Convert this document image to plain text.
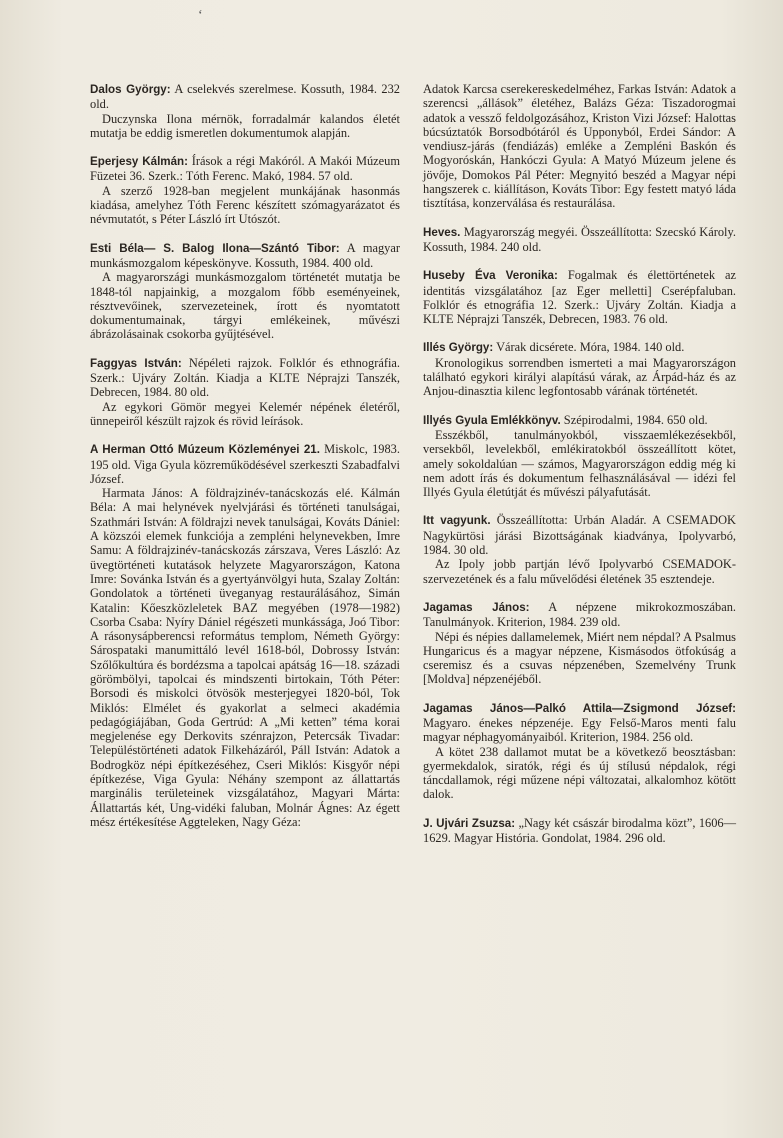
ʻ

Dalos György: A cselekvés szerelmese. Kossuth, 1984. 232 old.

Duczynska Ilona mérnök, forradalmár kalandos életét mutatja be eddig ismeretlen dokumentumok alapján.

Eperjesy Kálmán: Írások a régi Makóról. A Makói Múzeum Füzetei 36. Szerk.: Tóth Ferenc. Makó, 1984. 57 old.

A szerző 1928-ban megjelent munkájának hasonmás kiadása, amelyhez Tóth Ferenc készített szómagyarázatot és névmutatót, s Péter László írt Utószót.

Esti Béla— S. Balog Ilona—Szántó Tibor: A magyar munkásmozgalom képeskönyve. Kossuth, 1984. 400 old.

A magyarországi munkásmozgalom történetét mutatja be 1848-tól napjainkig, a mozgalom főbb eseményeinek, résztvevőinek, szervezeteinek, írott és nyomtatott dokumentumainak, tárgyi emlékeinek, művészi ábrázolásainak csokorba gyűjtésével.

Faggyas István: Népéleti rajzok. Folklór és ethnográfia. Szerk.: Ujváry Zoltán. Kiadja a KLTE Néprajzi Tanszék, Debrecen, 1984. 80 old.

Az egykori Gömör megyei Kelemér népének életéről, ünnepeiről készült rajzok és rövid leírások.

A Herman Ottó Múzeum Közleményei 21. Miskolc, 1983. 195 old. Viga Gyula közreműködésével szerkeszti Szabadfalvi József.

Harmata János: A földrajzinév-tanácskozás elé. Kálmán Béla: A mai helynévek nyelvjárási és történeti tanulságai, Szathmári István: A földrajzi nevek tanulságai, Kováts Dániel: A közszói elemek funkciója a zempléni helynevekben, Imre Samu: A földrajzinév-tanácskozás zárszava, Veres László: Az üvegtörténeti kutatások helyzete Magyarországon, Katona Imre: Sovánka István és a gyertyánvölgyi huta, Szalay Zoltán: Gondolatok a történeti üveganyag restaurálásához, Simán Katalin: Kőeszközleletek BAZ megyében (1978—1982) Csorba Csaba: Nyíry Dániel régészeti munkássága, Joó Tibor: A rásonysápberencsi református templom, Németh György: Sárospataki manumittáló levél 1618-ból, Dobrossy István: Szőlőkultúra és bordézsma a tapolcai apátság 16—18. századi görömbölyi, tapolcai és mindszenti birtokain, Tóth Péter: Borsodi és miskolci ötvösök mesterjegyei 1820-ból, Tok Miklós: Elmélet és gyakorlat a selmeci akadémia pedagógiájában, Goda Gertrúd: A „Mi ketten” téma korai megjelenése egy Derkovits szénrajzon, Petercsák Tivadar: Településtörténeti adatok Filkeházáról, Páll István: Adatok a Bodrogköz népi építkezéséhez, Cseri Miklós: Kisgyőr népi építkezése, Viga Gyula: Néhány szempont az állattartás marginális területeinek vizsgálatához, Magyari Márta: Állattartás két, Ung-vidéki faluban, Molnár Ágnes: Az égett mész értékesítése Aggteleken, Nagy Géza:

Adatok Karcsa cserekereskedelméhez, Farkas István: Adatok a szerencsi „állások” életéhez, Balázs Géza: Tiszadorogmai adatok a vessző feldolgozásához, Kriston Vizi József: Halottas búcsúztatók Borsodbótáról és Upponyból, Erdei Sándor: A vendiusz-járás (fendiázás) emléke a Zempléni Baskón és Mogyoróskán, Hankóczi Gyula: A Matyó Múzeum jelene és jövője, Domokos Pál Péter: Megnyitó beszéd a Magyar népi hangszerek c. kiállításon, Kováts Tibor: Egy festett matyó láda tisztítása, konzerválása és restaurálása.

Heves. Magyarország megyéi. Összeállította: Szecskó Károly. Kossuth, 1984. 240 old.

Huseby Éva Veronika: Fogalmak és élettörténetek az identitás vizsgálatához [az Eger melletti] Cserépfaluban. Folklór és etnográfia 12. Szerk.: Ujváry Zoltán. Kiadja a KLTE Néprajzi Tanszék, Debrecen, 1983. 76 old.

Illés György: Várak dicsérete. Móra, 1984. 140 old.

Kronologikus sorrendben ismerteti a mai Magyarországon található egykori királyi alapítású várak, az Árpád-ház és az Anjou-dinasztia kilenc legfontosabb várának történetét.

Illyés Gyula Emlékkönyv. Szépirodalmi, 1984. 650 old.

Esszékből, tanulmányokból, visszaemlékezésekből, versekből, levelekből, emlékiratokból összeállított kötet, amely sokoldalúan — számos, Magyarországon eddig még ki nem adott írás és dokumentum felhasználásával — idézi fel Illyés Gyula életútját és művészi pályafutását.

Itt vagyunk. Összeállította: Urbán Aladár. A CSEMADOK Nagykürtösi járási Bizottságának kiadványa, Ipolyvarbó, 1984. 30 old.

Az Ipoly jobb partján lévő Ipolyvarbó CSEMADOK-szervezetének és a falu művelődési életének 35 esztendeje.

Jagamas János: A népzene mikrokozmoszában. Tanulmányok. Kriterion, 1984. 239 old.

Népi és népies dallamelemek, Miért nem népdal? A Psalmus Hungaricus és a magyar népzene, Kismásodos ötfokúság a cseremisz és a csuvas népzenében, Szemelvény Trunk [Moldva] népzenéjéből.

Jagamas János—Palkó Attila—Zsigmond József: Magyaro. énekes népzenéje. Egy Felső-Maros menti falu magyar néphagyományaiból. Kriterion, 1984. 256 old.

A kötet 238 dallamot mutat be a következő beosztásban: gyermekdalok, siratók, régi és új stílusú népdalok, régi táncdallamok, régi műzene népi változatai, alkalomhoz kötött dalok.

J. Ujvári Zsuzsa: „Nagy két császár birodalma közt”, 1606—1629. Magyar História. Gondolat, 1984. 296 old.
